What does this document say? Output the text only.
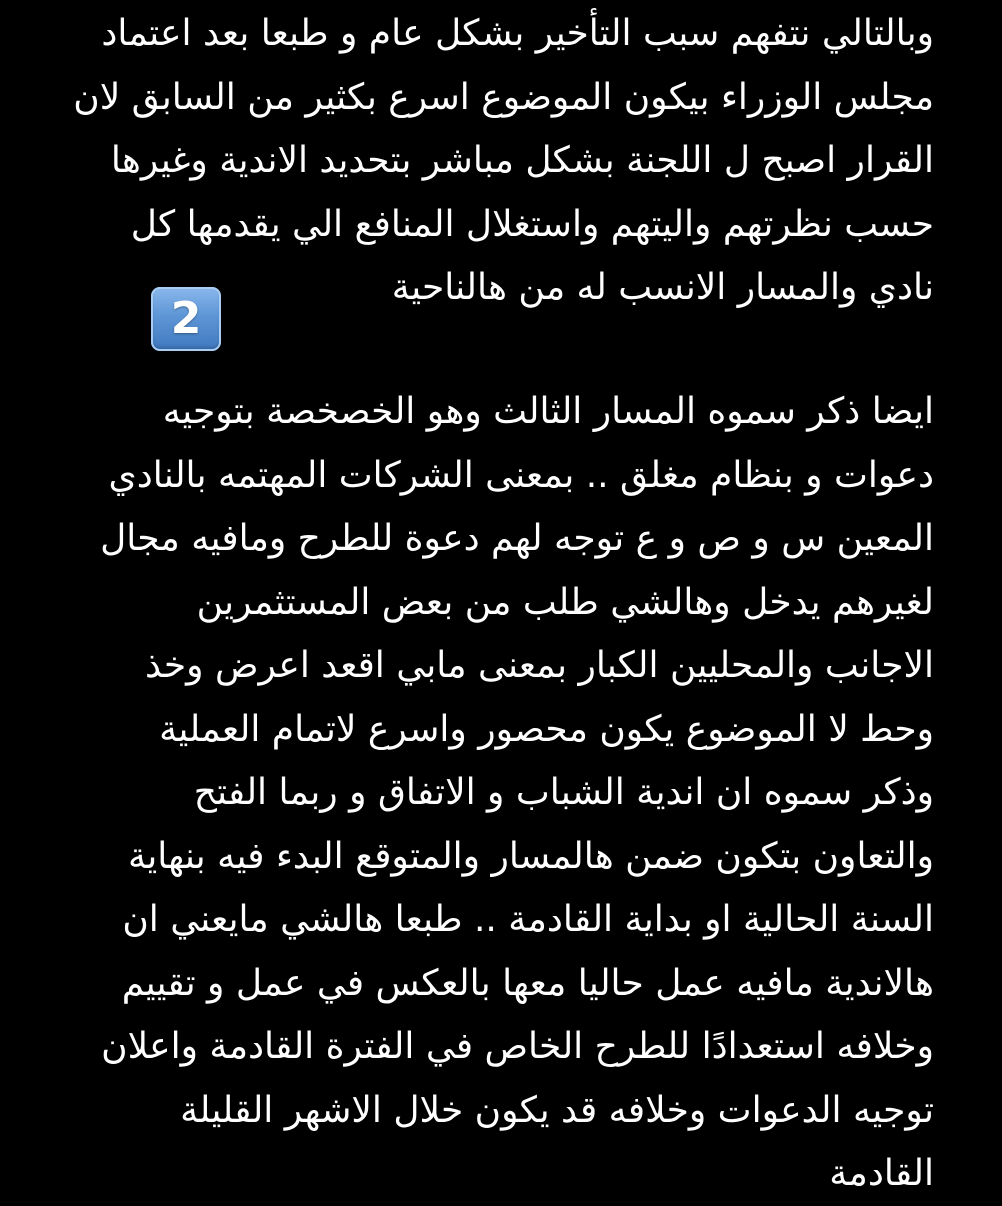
وبالتالي نتفهم سبب التأخير بشكل عام و طبعا بعد اعتماد
مجلس الوزراء بيكون الموضوع اسرع بكثير من السابق لان
القرار اصبح ل اللجنة بشكل مباشر بتحديد الاندية وغيرها
حسب نظرتهم واليتهم واستغلال المنافع الي يقدمها كل
نادي والمسار الانسب له من هالناحية
2
ايضا ذكر سموه المسار الثالث وهو الخصخصة بتوجيه
دعوات و بنظام مغلق .. بمعنى الشركات المهتمه بالنادي
المعين س و ص و ع توجه لهم دعوة للطرح ومافيه مجال
لغيرهم يدخل وهالشي طلب من بعض المستثمرين
الاجانب والمحليين الكبار بمعنى مابي اقعد اعرض وخذ
وحط لا الموضوع يكون محصور واسرع لاتمام العملية
وذكر سموه ان اندية الشباب و الاتفاق و ربما الفتح
والتعاون بتكون ضمن هالمسار والمتوقع البدء فيه بنهاية
السنة الحالية او بداية القادمة .. طبعا هالشي مايعني ان
هالاندية مافيه عمل حاليا معها بالعكس في عمل و تقييم
وخلافه استعدادًا للطرح الخاص في الفترة القادمة واعلان
توجيه الدعوات وخلافه قد يكون خلال الاشهر القليلة
القادمة
